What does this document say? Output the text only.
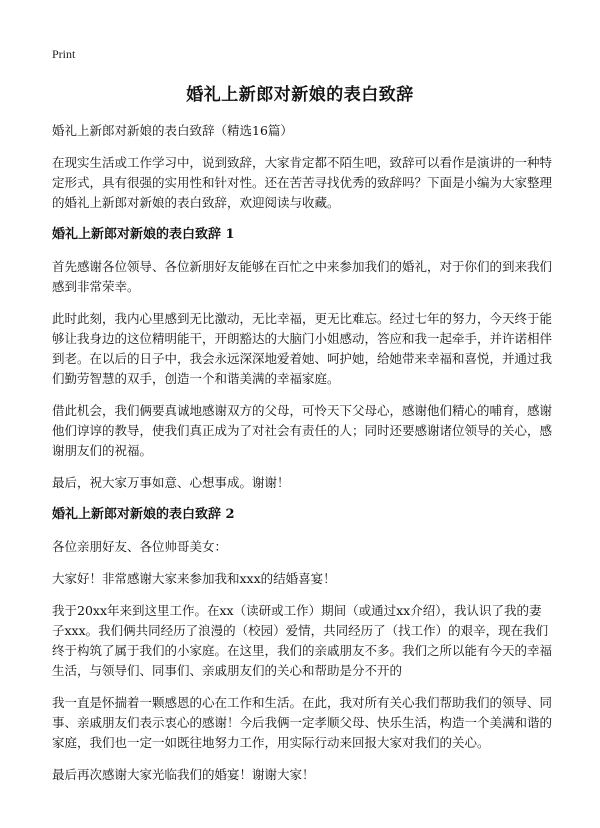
Print
婚礼上新郎对新娘的表白致辞

婚礼上新郎对新娘的表白致辞（精选16篇）

在现实生活或工作学习中，说到致辞，大家肯定都不陌生吧，致辞可以看作是演讲的一种特定形式，具有很强的实用性和针对性。还在苦苦寻找优秀的致辞吗？下面是小编为大家整理的婚礼上新郎对新娘的表白致辞，欢迎阅读与收藏。

婚礼上新郎对新娘的表白致辞 1

首先感谢各位领导、各位新朋好友能够在百忙之中来参加我们的婚礼，对于你们的到来我们感到非常荣幸。

此时此刻，我内心里感到无比激动，无比幸福，更无比难忘。经过七年的努力，今天终于能够让我身边的这位精明能干，开朗豁达的大脑门小姐感动，答应和我一起牵手，并许诺相伴到老。在以后的日子中，我会永远深深地爱着她、呵护她，给她带来幸福和喜悦，并通过我们勤劳智慧的双手，创造一个和谐美满的幸福家庭。

借此机会，我们俩要真诚地感谢双方的父母，可怜天下父母心，感谢他们精心的哺育，感谢他们谆谆的教导，使我们真正成为了对社会有责任的人；同时还要感谢诸位领导的关心，感谢朋友们的祝福。

最后，祝大家万事如意、心想事成。谢谢！

婚礼上新郎对新娘的表白致辞 2

各位亲朋好友、各位帅哥美女：

大家好！非常感谢大家来参加我和xxx的结婚喜宴！

我于20xx年来到这里工作。在xx（读研或工作）期间（或通过xx介绍），我认识了我的妻子xxx。我们俩共同经历了浪漫的（校园）爱情，共同经历了（找工作）的艰辛，现在我们终于构筑了属于我们的小家庭。在这里，我们的亲戚朋友不多。我们之所以能有今天的幸福生活，与领导们、同事们、亲戚朋友们的关心和帮助是分不开的

我一直是怀揣着一颗感恩的心在工作和生活。在此，我对所有关心我们帮助我们的领导、同事、亲戚朋友们表示衷心的感谢！今后我俩一定孝顺父母、快乐生活，构造一个美满和谐的家庭，我们也一定一如既往地努力工作，用实际行动来回报大家对我们的关心。

最后再次感谢大家光临我们的婚宴！谢谢大家！
